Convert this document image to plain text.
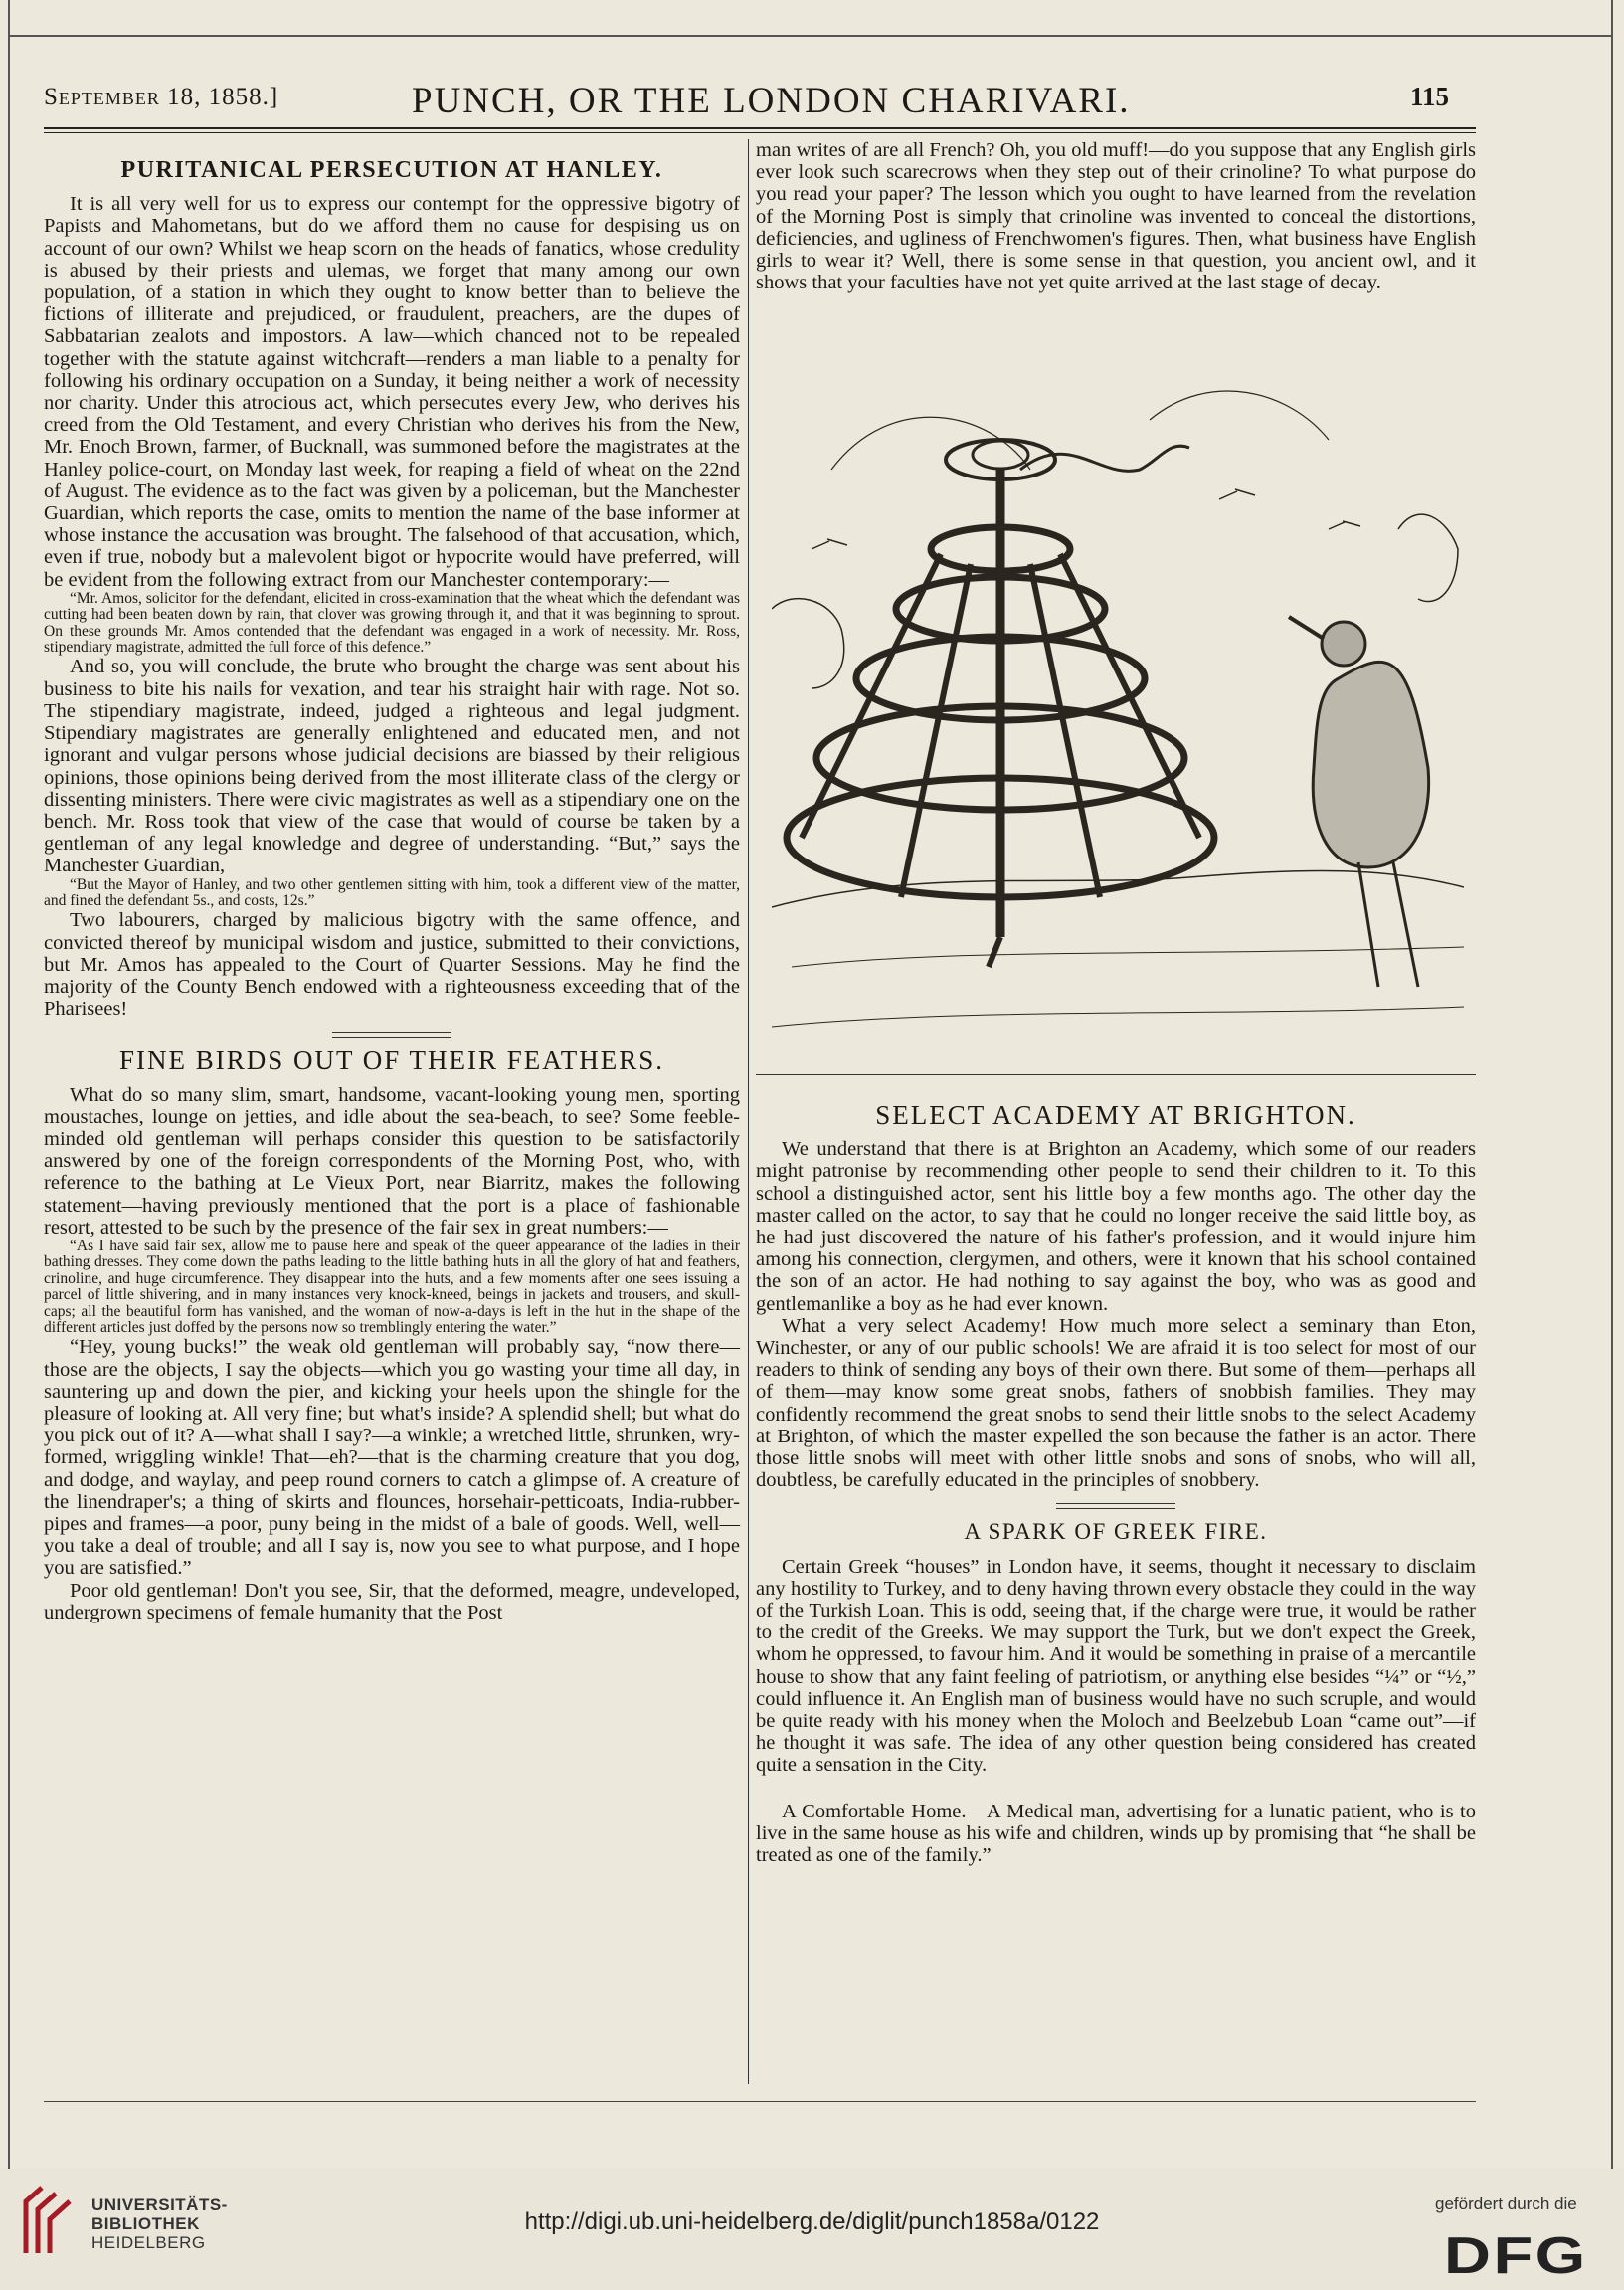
September 18, 1858.]	PUNCH, OR THE LONDON CHARIVARI.	115
PURITANICAL PERSECUTION AT HANLEY.

It is all very well for us to express our contempt for the oppressive bigotry of Papists and Mahometans, but do we afford them no cause for despising us on account of our own? Whilst we heap scorn on the heads of fanatics, whose credulity is abused by their priests and ulemas, we forget that many among our own population, of a station in which they ought to know better than to believe the fictions of illiterate and prejudiced, or fraudulent, preachers, are the dupes of Sabbatarian zealots and impostors. A law—which chanced not to be repealed together with the statute against witchcraft—renders a man liable to a penalty for following his ordinary occupation on a Sunday, it being neither a work of necessity nor charity. Under this atrocious act, which persecutes every Jew, who derives his creed from the Old Testament, and every Christian who derives his from the New, Mr. Enoch Brown, farmer, of Bucknall, was summoned before the magistrates at the Hanley police-court, on Monday last week, for reaping a field of wheat on the 22nd of August. The evidence as to the fact was given by a policeman, but the Manchester Guardian, which reports the case, omits to mention the name of the base informer at whose instance the accusation was brought. The falsehood of that accusation, which, even if true, nobody but a malevolent bigot or hypocrite would have preferred, will be evident from the following extract from our Manchester contemporary:—

“Mr. Amos, solicitor for the defendant, elicited in cross-examination that the wheat which the defendant was cutting had been beaten down by rain, that clover was growing through it, and that it was beginning to sprout. On these grounds Mr. Amos contended that the defendant was engaged in a work of necessity. Mr. Ross, stipendiary magistrate, admitted the full force of this defence.”

And so, you will conclude, the brute who brought the charge was sent about his business to bite his nails for vexation, and tear his straight hair with rage. Not so. The stipendiary magistrate, indeed, judged a righteous and legal judgment. Stipendiary magistrates are generally enlightened and educated men, and not ignorant and vulgar persons whose judicial decisions are biassed by their religious opinions, those opinions being derived from the most illiterate class of the clergy or dissenting ministers. There were civic magistrates as well as a stipendiary one on the bench. Mr. Ross took that view of the case that would of course be taken by a gentleman of any legal knowledge and degree of understanding. “But,” says the Manchester Guardian,

“But the Mayor of Hanley, and two other gentlemen sitting with him, took a different view of the matter, and fined the defendant 5s., and costs, 12s.”

Two labourers, charged by malicious bigotry with the same offence, and convicted thereof by municipal wisdom and justice, submitted to their convictions, but Mr. Amos has appealed to the Court of Quarter Sessions. May he find the majority of the County Bench endowed with a righteousness exceeding that of the Pharisees!

FINE BIRDS OUT OF THEIR FEATHERS.

What do so many slim, smart, handsome, vacant-looking young men, sporting moustaches, lounge on jetties, and idle about the sea-beach, to see? Some feeble-minded old gentleman will perhaps consider this question to be satisfactorily answered by one of the foreign correspondents of the Morning Post, who, with reference to the bathing at Le Vieux Port, near Biarritz, makes the following statement—having previously mentioned that the port is a place of fashionable resort, attested to be such by the presence of the fair sex in great numbers:—

“As I have said fair sex, allow me to pause here and speak of the queer appearance of the ladies in their bathing dresses. They come down the paths leading to the little bathing huts in all the glory of hat and feathers, crinoline, and huge circumference. They disappear into the huts, and a few moments after one sees issuing a parcel of little shivering, and in many instances very knock-kneed, beings in jackets and trousers, and skull-caps; all the beautiful form has vanished, and the woman of now-a-days is left in the hut in the shape of the different articles just doffed by the persons now so tremblingly entering the water.”

“Hey, young bucks!” the weak old gentleman will probably say, “now there—those are the objects, I say the objects—which you go wasting your time all day, in sauntering up and down the pier, and kicking your heels upon the shingle for the pleasure of looking at. All very fine; but what's inside? A splendid shell; but what do you pick out of it? A—what shall I say?—a winkle; a wretched little, shrunken, wry-formed, wriggling winkle! That—eh?—that is the charming creature that you dog, and dodge, and waylay, and peep round corners to catch a glimpse of. A creature of the linendraper's; a thing of skirts and flounces, horsehair-petticoats, India-rubber-pipes and frames—a poor, puny being in the midst of a bale of goods. Well, well—you take a deal of trouble; and all I say is, now you see to what purpose, and I hope you are satisfied.”

Poor old gentleman! Don't you see, Sir, that the deformed, meagre, undeveloped, undergrown specimens of female humanity that the Post

man writes of are all French? Oh, you old muff!—do you suppose that any English girls ever look such scarecrows when they step out of their crinoline? To what purpose do you read your paper? The lesson which you ought to have learned from the revelation of the Morning Post is simply that crinoline was invented to conceal the distortions, deficiencies, and ugliness of Frenchwomen's figures. Then, what business have English girls to wear it? Well, there is some sense in that question, you ancient owl, and it shows that your faculties have not yet quite arrived at the last stage of decay.

SELECT ACADEMY AT BRIGHTON.

We understand that there is at Brighton an Academy, which some of our readers might patronise by recommending other people to send their children to it. To this school a distinguished actor, sent his little boy a few months ago. The other day the master called on the actor, to say that he could no longer receive the said little boy, as he had just discovered the nature of his father's profession, and it would injure him among his connection, clergymen, and others, were it known that his school contained the son of an actor. He had nothing to say against the boy, who was as good and gentlemanlike a boy as he had ever known.

What a very select Academy! How much more select a seminary than Eton, Winchester, or any of our public schools! We are afraid it is too select for most of our readers to think of sending any boys of their own there. But some of them—perhaps all of them—may know some great snobs, fathers of snobbish families. They may confidently recommend the great snobs to send their little snobs to the select Academy at Brighton, of which the master expelled the son because the father is an actor. There those little snobs will meet with other little snobs and sons of snobs, who will all, doubtless, be carefully educated in the principles of snobbery.

A SPARK OF GREEK FIRE.

Certain Greek “houses” in London have, it seems, thought it necessary to disclaim any hostility to Turkey, and to deny having thrown every obstacle they could in the way of the Turkish Loan. This is odd, seeing that, if the charge were true, it would be rather to the credit of the Greeks. We may support the Turk, but we don't expect the Greek, whom he oppressed, to favour him. And it would be something in praise of a mercantile house to show that any faint feeling of patriotism, or anything else besides “¼” or “½,” could influence it. An English man of business would have no such scruple, and would be quite ready with his money when the Moloch and Beelzebub Loan “came out”—if he thought it was safe. The idea of any other question being considered has created quite a sensation in the City.

A Comfortable Home.—A Medical man, advertising for a lunatic patient, who is to live in the same house as his wife and children, winds up by promising that “he shall be treated as one of the family.”

UNIVERSITÄTS-
BIBLIOTHEK
HEIDELBERG
http://digi.ub.uni-heidelberg.de/diglit/punch1858a/0122
gefördert durch die
DFG
